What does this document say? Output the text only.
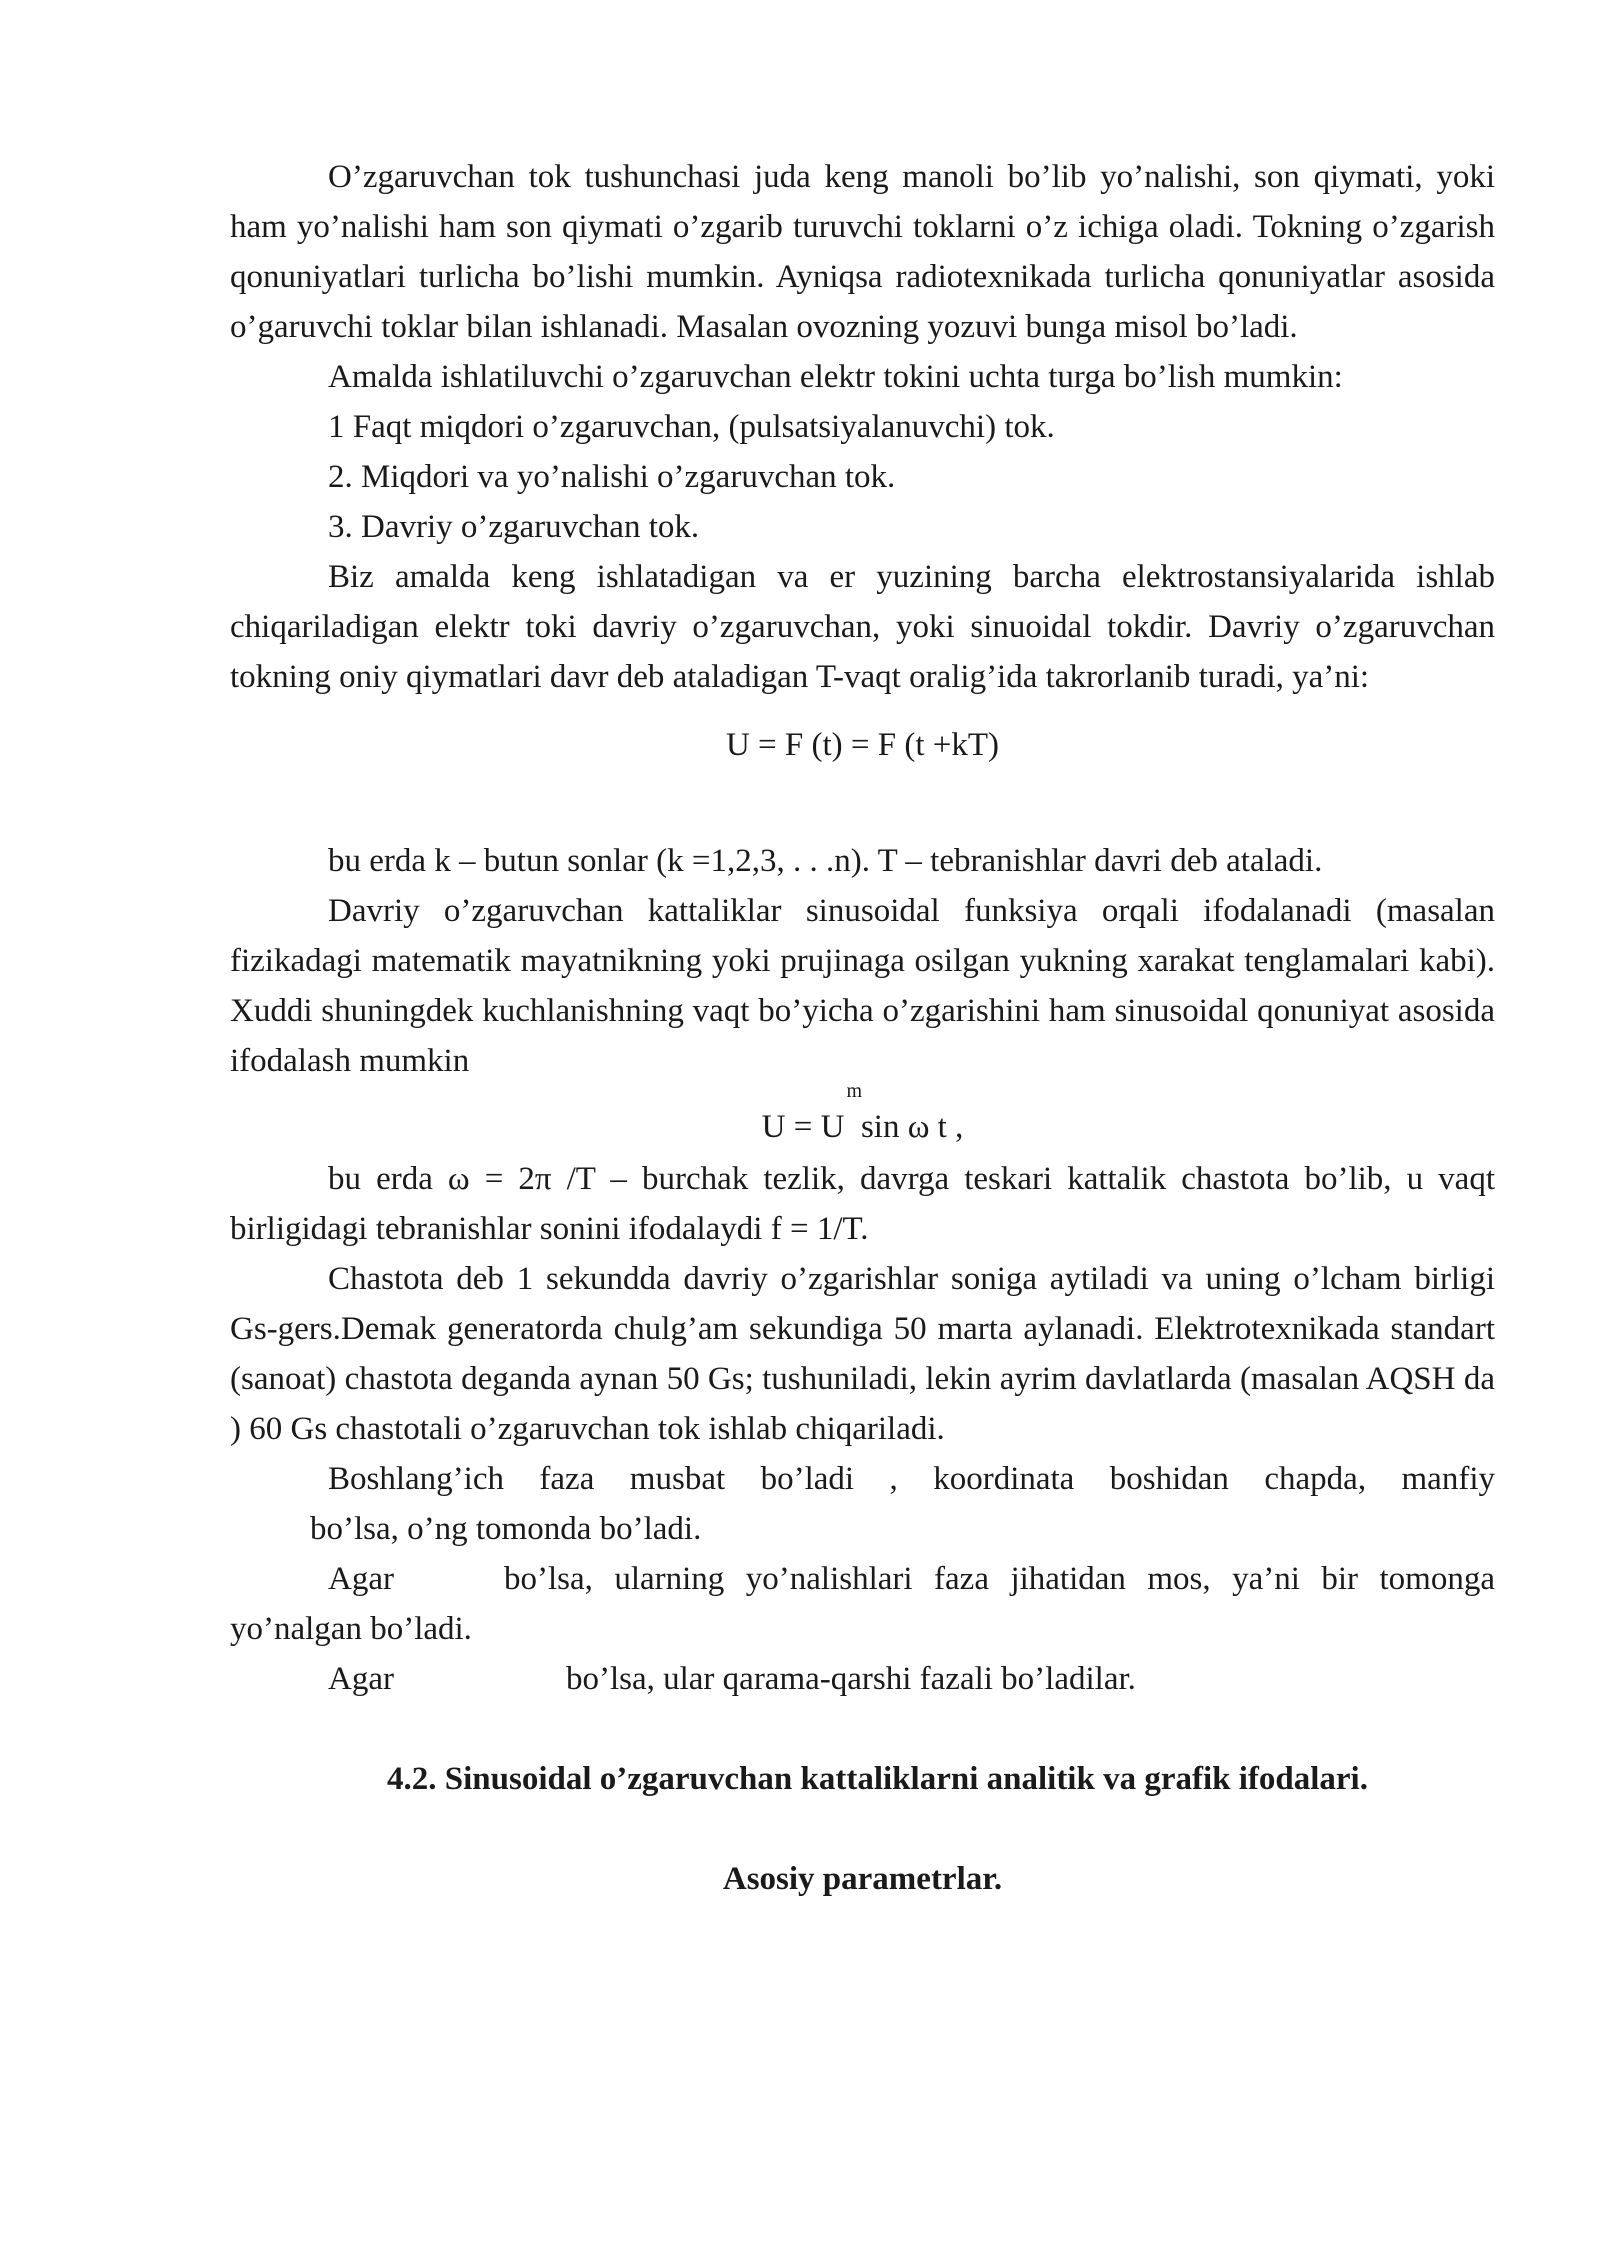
O’zgaruvchan tok tushunchasi juda keng manoli bo’lib yo’nalishi, son qiymati, yoki ham yo’nalishi ham son qiymati o’zgarib turuvchi toklarni o’z ichiga oladi. Tokning o’zgarish qonuniyatlari turlicha bo’lishi mumkin. Ayniqsa radiotexnikada turlicha qonuniyatlar asosida o’garuvchi toklar bilan ishlanadi. Masalan ovozning yozuvi bunga misol bo’ladi.

Amalda ishlatiluvchi o’zgaruvchan elektr tokini uchta turga bo’lish mumkin:

1 Faqt miqdori o’zgaruvchan, (pulsatsiyalanuvchi) tok.

2. Miqdori va yo’nalishi o’zgaruvchan tok.

3. Davriy o’zgaruvchan tok.

Biz amalda keng ishlatadigan va er yuzining barcha elektrostansiyalarida ishlab chiqariladigan elektr toki davriy o’zgaruvchan, yoki sinuoidal tokdir. Davriy o’zgaruvchan tokning oniy qiymatlari davr deb ataladigan T-vaqt oralig’ida takrorlanib turadi, ya’ni:

U = F (t) = F (t +kT)

bu erda k – butun sonlar (k =1,2,3, . . .n). T – tebranishlar davri deb ataladi.

Davriy o’zgaruvchan kattaliklar sinusoidal funksiya orqali ifodalanadi (masalan fizikadagi matematik mayatnikning yoki prujinaga osilgan yukning xarakat tenglamalari kabi). Xuddi shuningdek kuchlanishning vaqt bo’yicha o’zgarishini ham sinusoidal qonuniyat asosida ifodalash mumkin

U = U
m
sin ω t ,

bu erda ω = 2π /T – burchak tezlik, davrga teskari kattalik chastota bo’lib, u vaqt birligidagi tebranishlar sonini ifodalaydi f = 1/T.

Chastota deb 1 sekundda davriy o’zgarishlar soniga aytiladi va uning o’lcham birligi Gs-gers.Demak generatorda chulg’am sekundiga 50 marta aylanadi. Elektrotexnikada standart (sanoat) chastota deganda aynan 50 Gs; tushuniladi, lekin ayrim davlatlarda (masalan AQSH da ) 60 Gs chastotali o’zgaruvchan tok ishlab chiqariladi.

Boshlang’ich faza musbat bo’ladi , koordinata boshidan chapda, manfiy

bo’lsa, o’ng tomonda bo’ladi.

Agar	bo’lsa, ularning yo’nalishlari faza jihatidan mos, ya’ni bir tomonga yo’nalgan bo’ladi.

Agar	bo’lsa, ular qarama-qarshi fazali bo’ladilar.

4.2. Sinusoidal o’zgaruvchan kattaliklarni analitik va grafik ifodalari.
Asosiy parametrlar.
